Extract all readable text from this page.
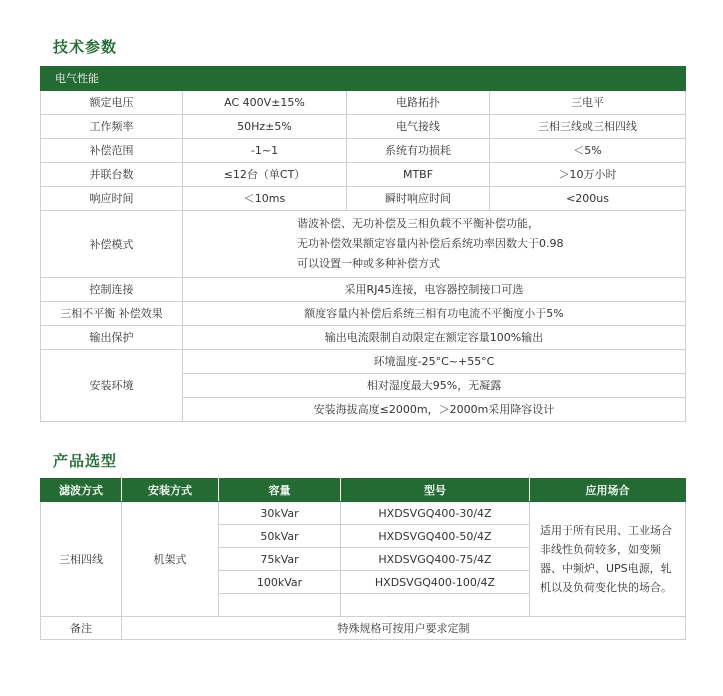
技术参数
电气性能			
额定电压	AC 400V±15%	电路拓扑	三电平
工作频率	50Hz±5%	电气接线	三相三线或三相四线
补偿范围	-1~1	系统有功损耗	＜5%
并联台数	≤12台（单CT）	MTBF	＞10万小时
响应时间	＜10ms	瞬时响应时间	<200us
补偿模式	谐波补偿、无功补偿及三相负载不平衡补偿功能，
无功补偿效果额定容量内补偿后系统功率因数大于0.98
可以设置一种或多种补偿方式		

控制连接	采用RJ45连接，电容器控制接口可选		
三相不平衡 补偿效果	额度容量内补偿后系统三相有功电流不平衡度小于5%		
输出保护	输出电流限制自动限定在额定容量100%输出		
安装环境	环境温度-25°C~+55°C		
	相对湿度最大95%，无凝露		
	安装海拔高度≤2000m，＞2000m采用降容设计		
产品选型
滤波方式	安装方式	容量	型号	应用场合
三相四线	机架式	30kVar	HXDSVGQ400-30/4Z	适用于所有民用、工业场合非线性负荷较多，如变频器、中频炉、UPS电源，轧机以及负荷变化快的场合。
		50kVar	HXDSVGQ400-50/4Z	
		75kVar	HXDSVGQ400-75/4Z	
		100kVar	HXDSVGQ400-100/4Z	

备注	特殊规格可按用户要求定制			
